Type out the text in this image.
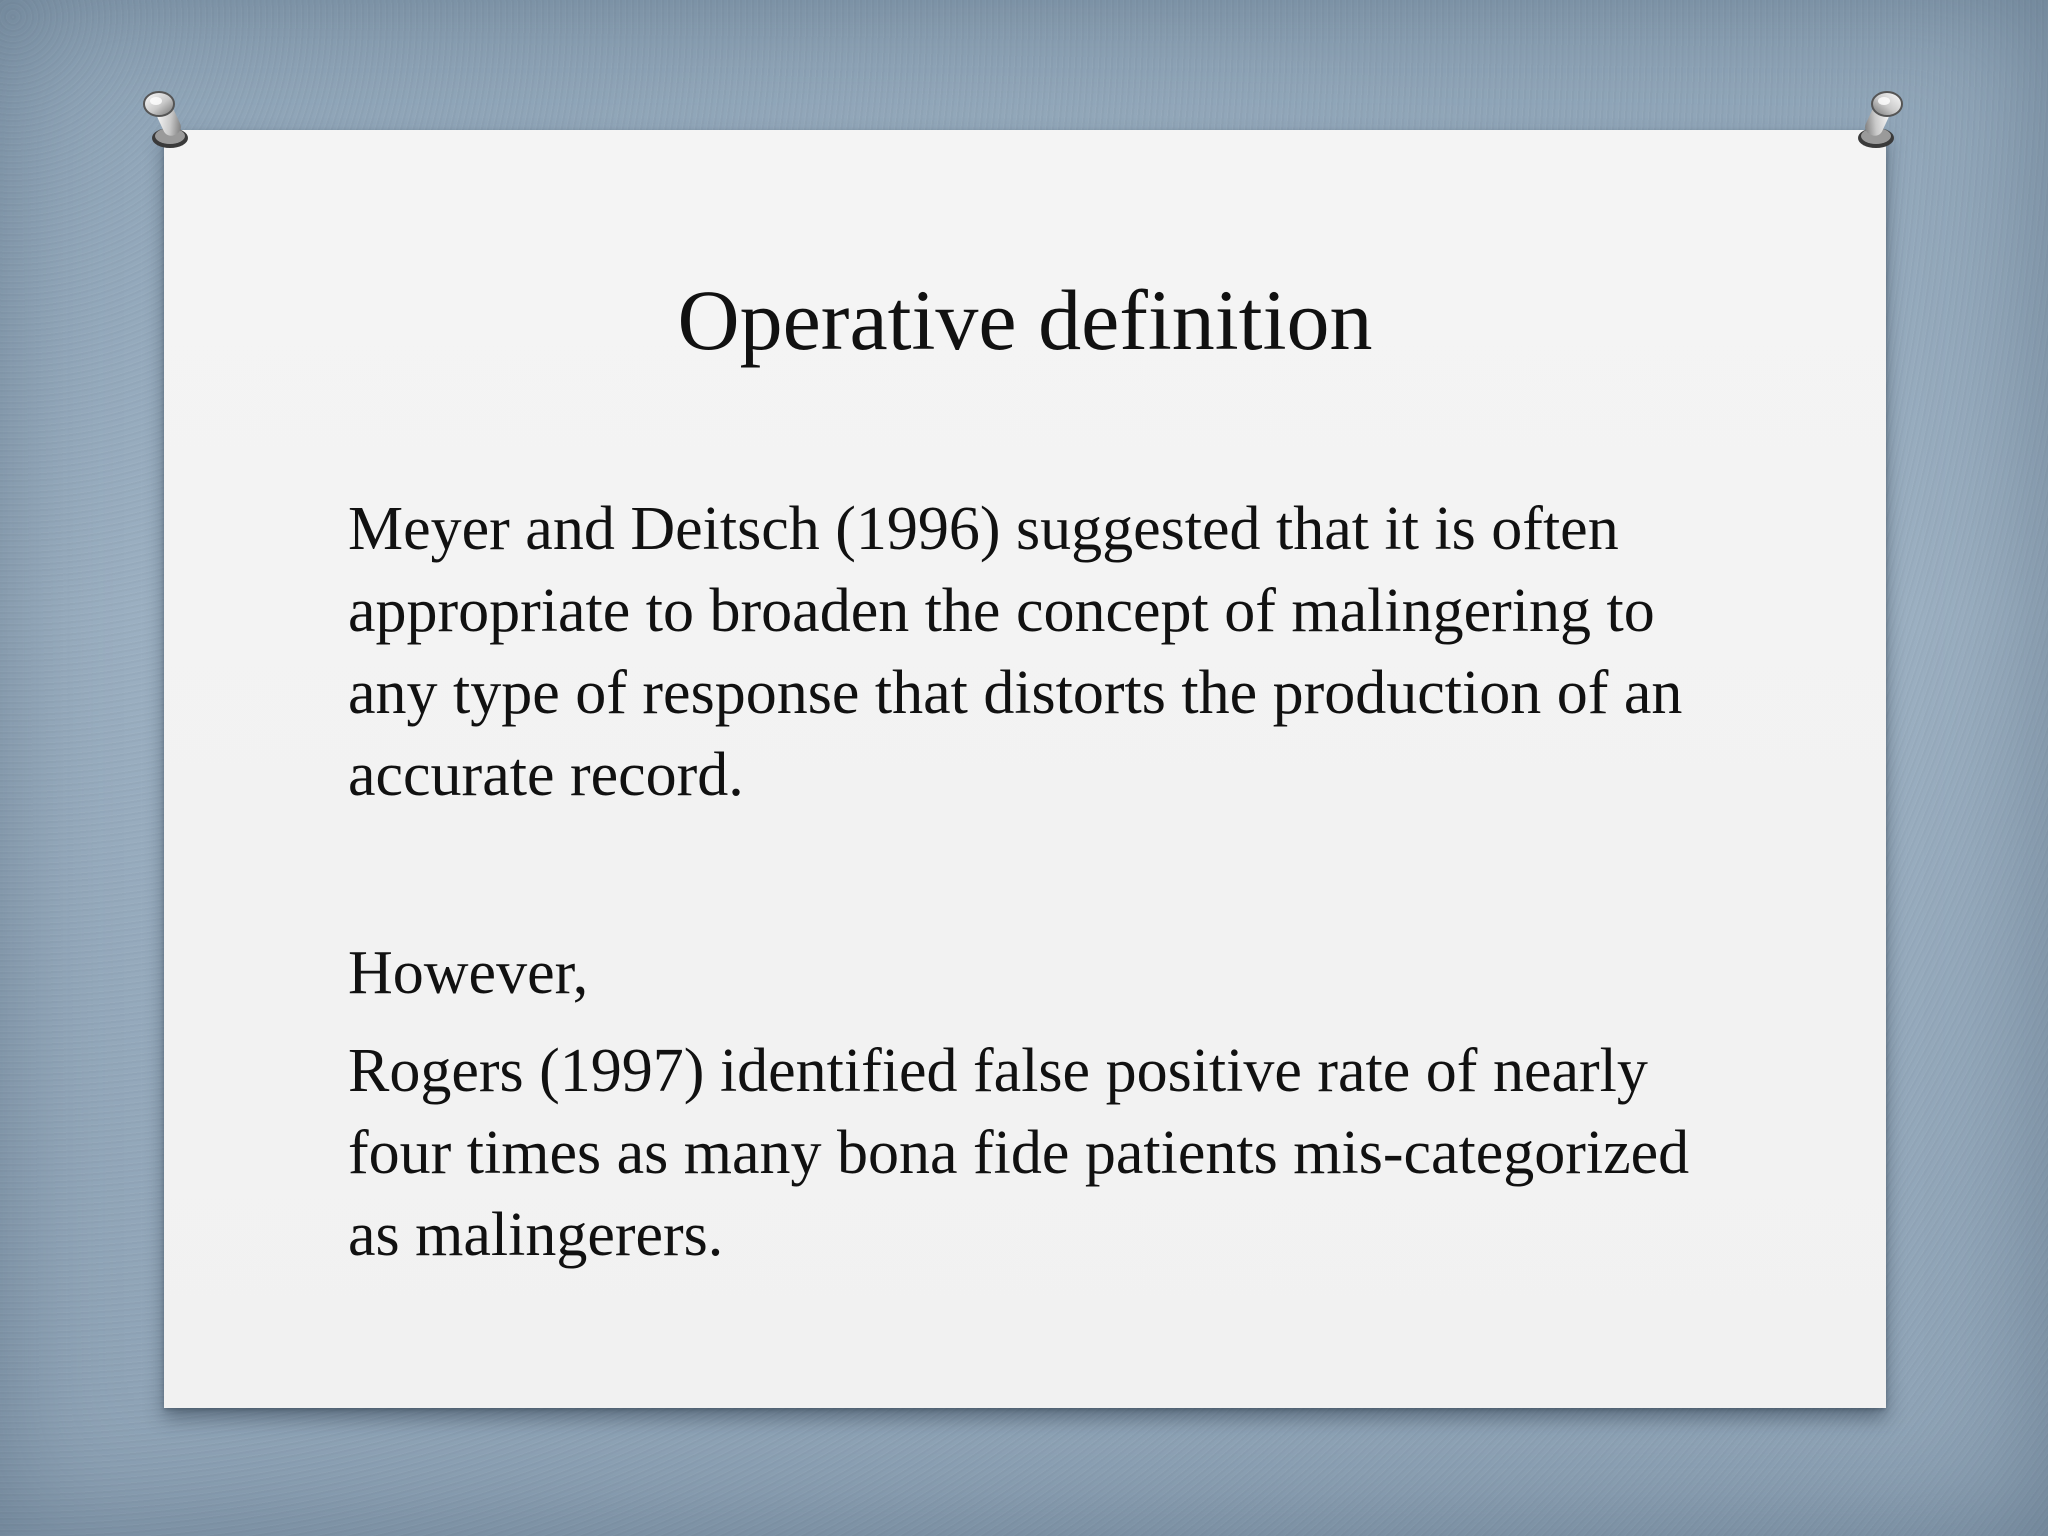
Operative definition

Meyer and Deitsch (1996) suggested that it is often appropriate to broaden the concept of malingering to any type of response that distorts the production of an accurate record.

However,

Rogers (1997) identified false positive rate of nearly four times as many bona fide patients mis-categorized as malingerers.
